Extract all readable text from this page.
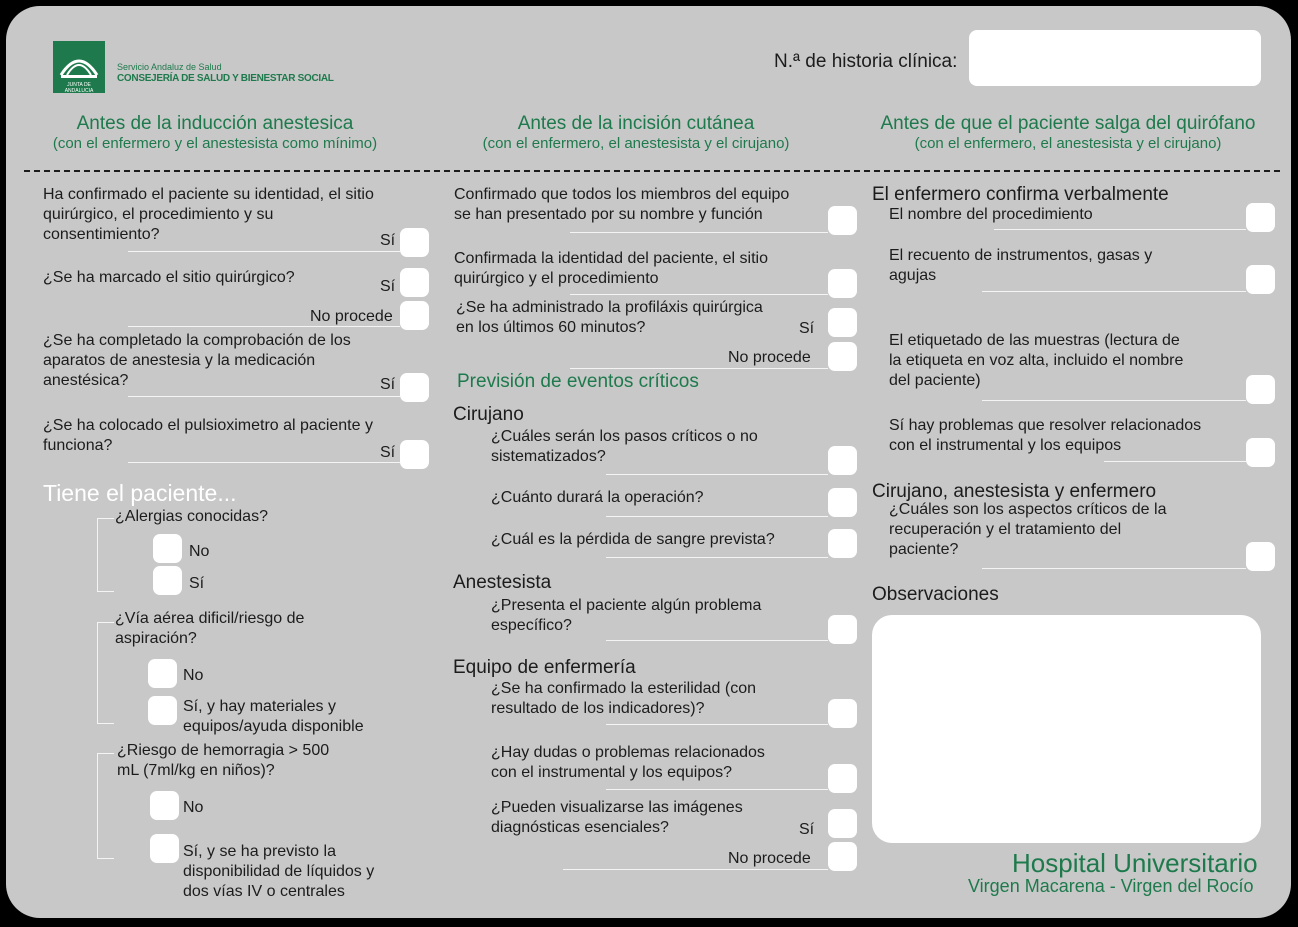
JUNTA DE ANDALUCIA
Servicio Andaluz de Salud
CONSEJERÍA DE SALUD Y BIENESTAR SOCIAL
N.ª de historia clínica:
Antes de la inducción anestesica
(con el enfermero y el anestesista como mínimo)
Antes de la incisión cutánea
(con el enfermero, el anestesista y el cirujano)
Antes de que el paciente salga del quirófano
(con el enfermero, el anestesista y el cirujano)
Ha confirmado el paciente su identidad, el sitio
quirúrgico, el procedimiento y su
consentimiento?	Sí
¿Se ha marcado el sitio quirúrgico?
Sí
No procede
¿Se ha completado la comprobación de los
aparatos de anestesia y la medicación
anestésica?	Sí
¿Se ha colocado el pulsioximetro al paciente y
funciona?	Sí
Tiene el paciente...
¿Alergias conocidas?
No
Sí
¿Vía aérea dificil/riesgo de
aspiración?
No
Sí, y hay materiales y
equipos/ayuda disponible
¿Riesgo de hemorragia > 500
mL (7ml/kg en niños)?
No
Sí, y se ha previsto la
disponibilidad de líquidos y
dos vías IV o centrales
Confirmado que todos los miembros del equipo
se han presentado por su nombre y función
Confirmada la identidad del paciente, el sitio
quirúrgico y el procedimiento
¿Se ha administrado la profiláxis quirúrgica
en los últimos 60 minutos?	Sí
No procede
Previsión de eventos críticos
Cirujano
¿Cuáles serán los pasos críticos o no
sistematizados?
¿Cuánto durará la operación?
¿Cuál es la pérdida de sangre prevista?
Anestesista
¿Presenta el paciente algún problema
específico?
Equipo de enfermería
¿Se ha confirmado la esterilidad (con
resultado de los indicadores)?
¿Hay dudas o problemas relacionados
con el instrumental y los equipos?
¿Pueden visualizarse las imágenes
diagnósticas esenciales?	Sí
No procede
El enfermero confirma verbalmente
El nombre del procedimiento
El recuento de instrumentos, gasas y
agujas
El etiquetado de las muestras (lectura de
la etiqueta en voz alta, incluido el nombre
del paciente)
Sí hay problemas que resolver relacionados
con el instrumental y los equipos
Cirujano, anestesista y enfermero
¿Cuáles son los aspectos críticos de la
recuperación y el tratamiento del
paciente?
Observaciones
Hospital Universitario
Virgen Macarena - Virgen del Rocío
